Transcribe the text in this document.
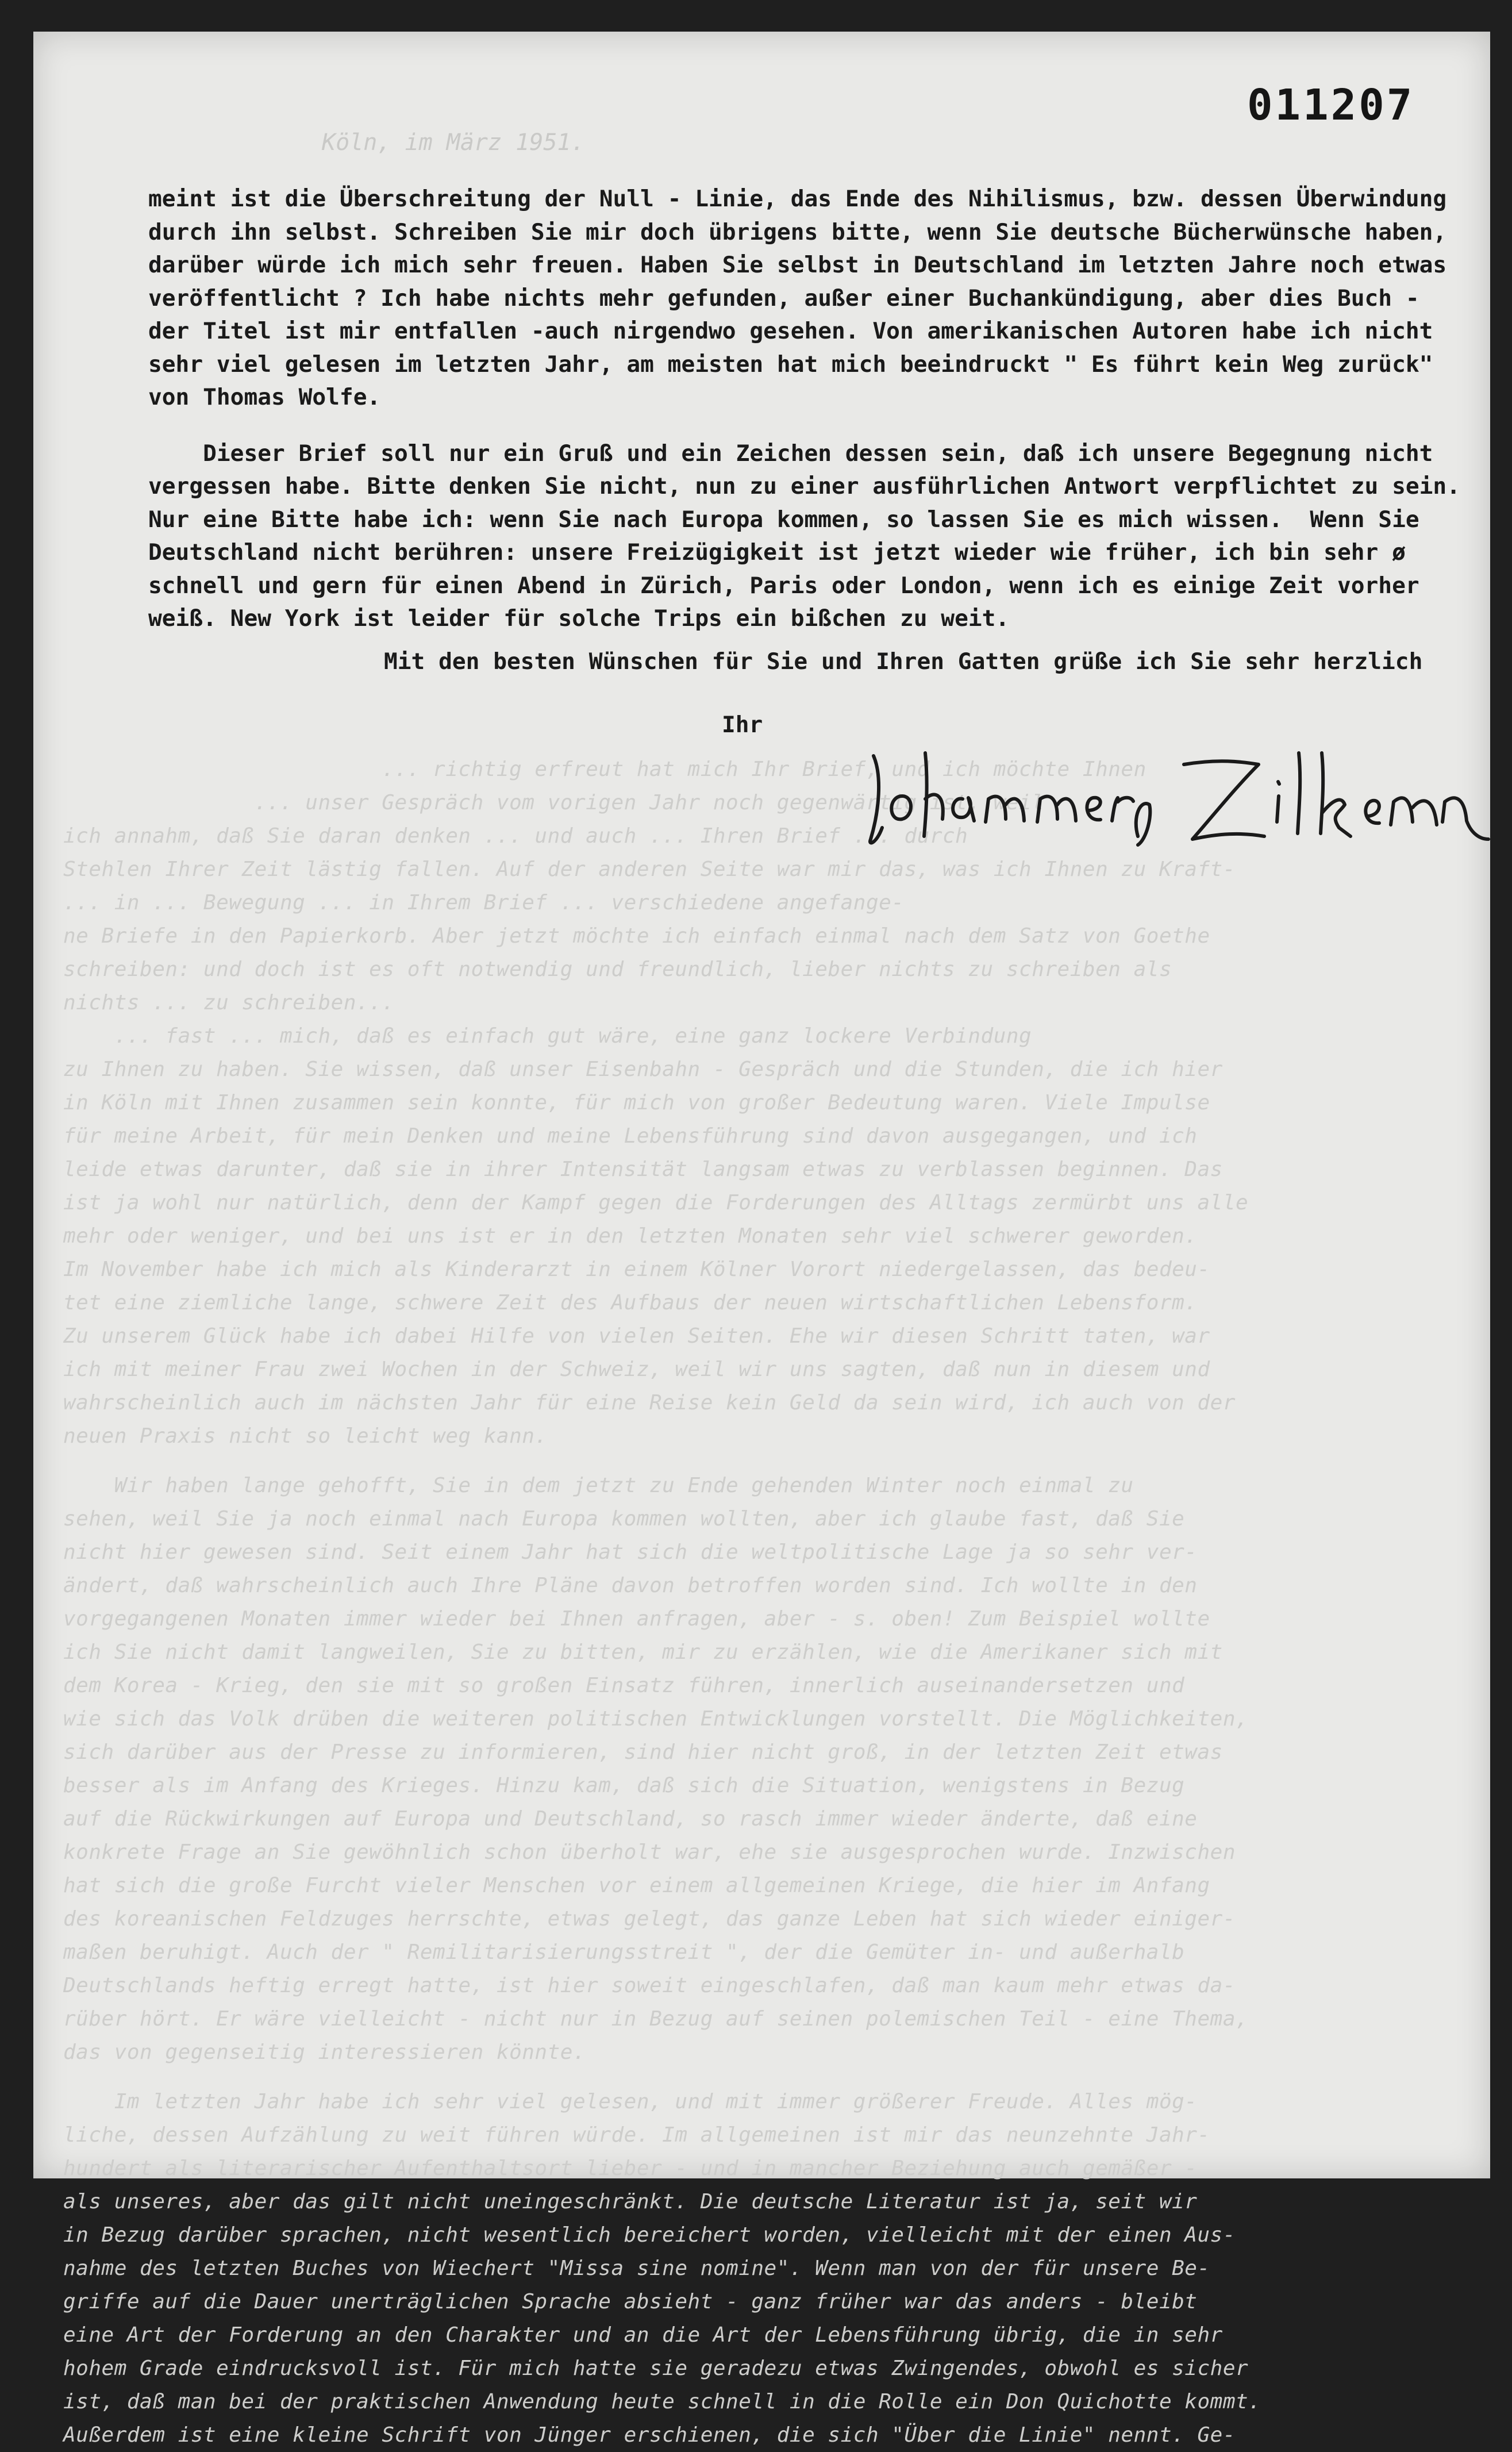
011207
Köln, im März 1951.

... richtig erfreut hat mich Ihr Brief, und ich möchte Ihnen

... unser Gespräch vom vorigen Jahr noch gegenwärtig ist, weil

ich annahm, daß Sie daran denken ... und auch ... Ihren Brief ... durch

Stehlen Ihrer Zeit lästig fallen. Auf der anderen Seite war mir das, was ich Ihnen zu Kraft-

... in ... Bewegung ... in Ihrem Brief ... verschiedene angefange-

ne Briefe in den Papierkorb. Aber jetzt möchte ich einfach einmal nach dem Satz von Goethe

schreiben: und doch ist es oft notwendig und freundlich, lieber nichts zu schreiben als

nichts ... zu schreiben...

... fast ... mich, daß es einfach gut wäre, eine ganz lockere Verbindung

zu Ihnen zu haben. Sie wissen, daß unser Eisenbahn - Gespräch und die Stunden, die ich hier

in Köln mit Ihnen zusammen sein konnte, für mich von großer Bedeutung waren. Viele Impulse

für meine Arbeit, für mein Denken und meine Lebensführung sind davon ausgegangen, und ich

leide etwas darunter, daß sie in ihrer Intensität langsam etwas zu verblassen beginnen. Das

ist ja wohl nur natürlich, denn der Kampf gegen die Forderungen des Alltags zermürbt uns alle

mehr oder weniger, und bei uns ist er in den letzten Monaten sehr viel schwerer geworden.

Im November habe ich mich als Kinderarzt in einem Kölner Vorort niedergelassen, das bedeu-

tet eine ziemliche lange, schwere Zeit des Aufbaus der neuen wirtschaftlichen Lebensform.

Zu unserem Glück habe ich dabei Hilfe von vielen Seiten. Ehe wir diesen Schritt taten, war

ich mit meiner Frau zwei Wochen in der Schweiz, weil wir uns sagten, daß nun in diesem und

wahrscheinlich auch im nächsten Jahr für eine Reise kein Geld da sein wird, ich auch von der

neuen Praxis nicht so leicht weg kann.

Wir haben lange gehofft, Sie in dem jetzt zu Ende gehenden Winter noch einmal zu

sehen, weil Sie ja noch einmal nach Europa kommen wollten, aber ich glaube fast, daß Sie

nicht hier gewesen sind. Seit einem Jahr hat sich die weltpolitische Lage ja so sehr ver-

ändert, daß wahrscheinlich auch Ihre Pläne davon betroffen worden sind. Ich wollte in den

vorgegangenen Monaten immer wieder bei Ihnen anfragen, aber - s. oben! Zum Beispiel wollte

ich Sie nicht damit langweilen, Sie zu bitten, mir zu erzählen, wie die Amerikaner sich mit

dem Korea - Krieg, den sie mit so großen Einsatz führen, innerlich auseinandersetzen und

wie sich das Volk drüben die weiteren politischen Entwicklungen vorstellt. Die Möglichkeiten,

sich darüber aus der Presse zu informieren, sind hier nicht groß, in der letzten Zeit etwas

besser als im Anfang des Krieges. Hinzu kam, daß sich die Situation, wenigstens in Bezug

auf die Rückwirkungen auf Europa und Deutschland, so rasch immer wieder änderte, daß eine

konkrete Frage an Sie gewöhnlich schon überholt war, ehe sie ausgesprochen wurde. Inzwischen

hat sich die große Furcht vieler Menschen vor einem allgemeinen Kriege, die hier im Anfang

des koreanischen Feldzuges herrschte, etwas gelegt, das ganze Leben hat sich wieder einiger-

maßen beruhigt. Auch der " Remilitarisierungsstreit ", der die Gemüter in- und außerhalb

Deutschlands heftig erregt hatte, ist hier soweit eingeschlafen, daß man kaum mehr etwas da-

rüber hört. Er wäre vielleicht - nicht nur in Bezug auf seinen polemischen Teil - eine Thema,

das von gegenseitig interessieren könnte.

Im letzten Jahr habe ich sehr viel gelesen, und mit immer größerer Freude. Alles mög-

liche, dessen Aufzählung zu weit führen würde. Im allgemeinen ist mir das neunzehnte Jahr-

hundert als literarischer Aufenthaltsort lieber - und in mancher Beziehung auch gemäßer -

als unseres, aber das gilt nicht uneingeschränkt. Die deutsche Literatur ist ja, seit wir

in Bezug darüber sprachen, nicht wesentlich bereichert worden, vielleicht mit der einen Aus-

nahme des letzten Buches von Wiechert "Missa sine nomine". Wenn man von der für unsere Be-

griffe auf die Dauer unerträglichen Sprache absieht - ganz früher war das anders - bleibt

eine Art der Forderung an den Charakter und an die Art der Lebensführung übrig, die in sehr

hohem Grade eindrucksvoll ist. Für mich hatte sie geradezu etwas Zwingendes, obwohl es sicher

ist, daß man bei der praktischen Anwendung heute schnell in die Rolle ein Don Quichotte kommt.

Außerdem ist eine kleine Schrift von Jünger erschienen, die sich "Über die Linie" nennt. Ge-

meint ist die Überschreitung der Null - Linie, das Ende des Nihilismus, bzw. dessen Überwindung

durch ihn selbst. Schreiben Sie mir doch übrigens bitte, wenn Sie deutsche Bücherwünsche haben,

darüber würde ich mich sehr freuen. Haben Sie selbst in Deutschland im letzten Jahre noch etwas

veröffentlicht ? Ich habe nichts mehr gefunden, außer einer Buchankündigung, aber dies Buch -

der Titel ist mir entfallen -auch nirgendwo gesehen. Von amerikanischen Autoren habe ich nicht

sehr viel gelesen im letzten Jahr, am meisten hat mich beeindruckt " Es führt kein Weg zurück"

von Thomas Wolfe.

Dieser Brief soll nur ein Gruß und ein Zeichen dessen sein, daß ich unsere Begegnung nicht

vergessen habe. Bitte denken Sie nicht, nun zu einer ausführlichen Antwort verpflichtet zu sein.

Nur eine Bitte habe ich: wenn Sie nach Europa kommen, so lassen Sie es mich wissen.  Wenn Sie

Deutschland nicht berühren: unsere Freizügigkeit ist jetzt wieder wie früher, ich bin sehr ø

schnell und gern für einen Abend in Zürich, Paris oder London, wenn ich es einige Zeit vorher

weiß. New York ist leider für solche Trips ein bißchen zu weit.

Mit den besten Wünschen für Sie und Ihren Gatten grüße ich Sie sehr herzlich
Ihr
